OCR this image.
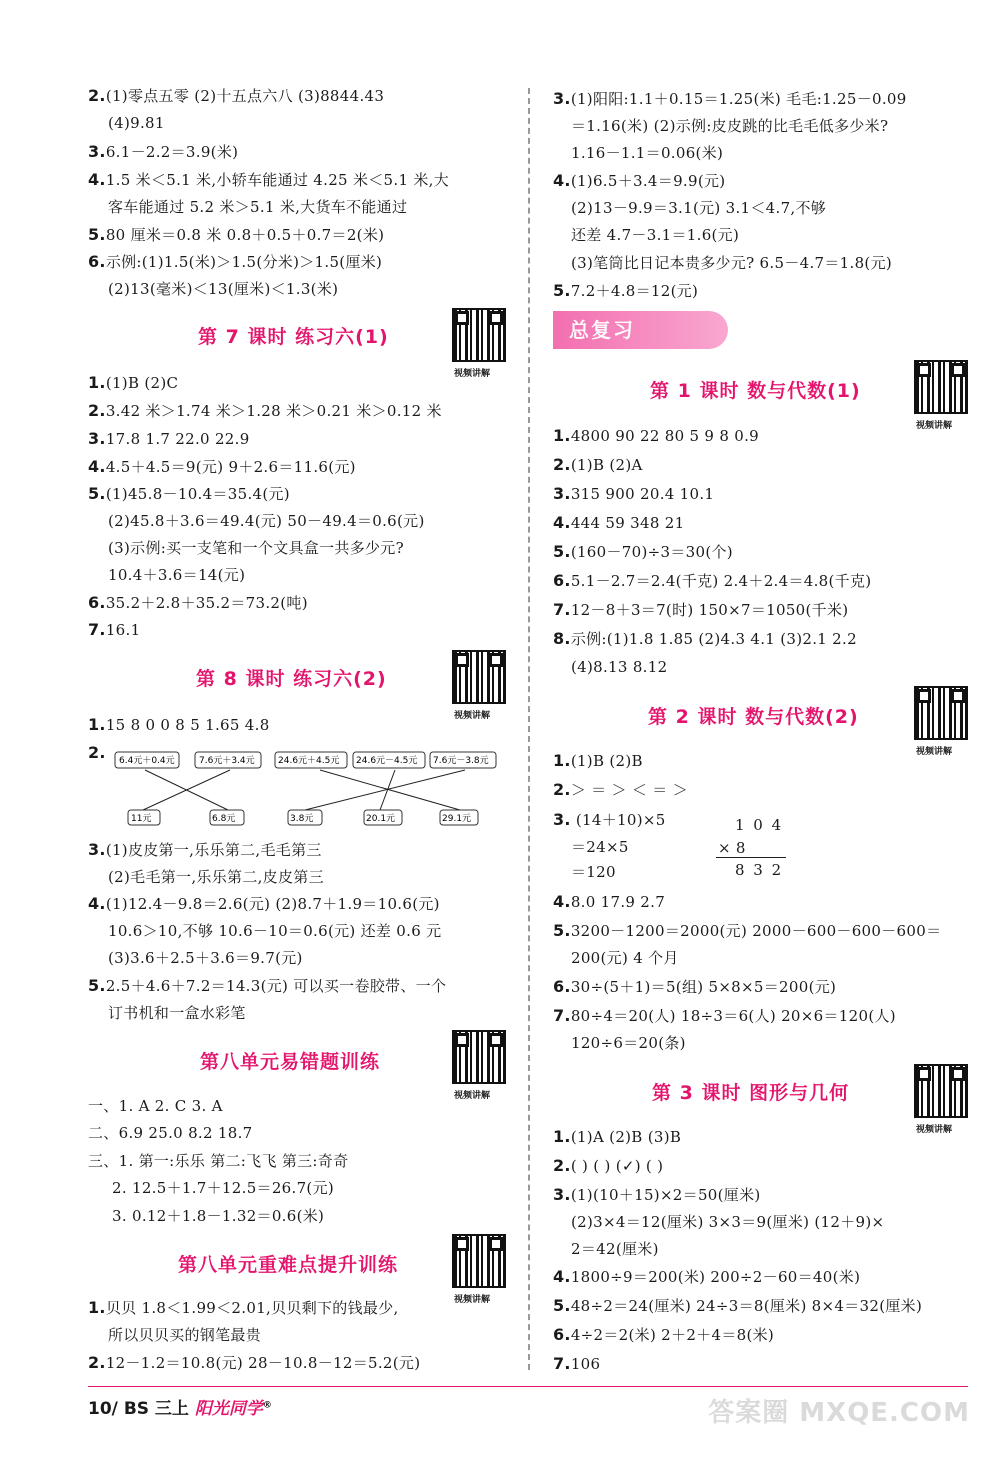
2.(1)零点五零 (2)十五点六八 (3)8844.43
(4)9.81
3.6.1－2.2＝3.9(米)
4.1.5 米＜5.1 米,小轿车能通过 4.25 米＜5.1 米,大
客车能通过 5.2 米＞5.1 米,大货车不能通过
5.80 厘米＝0.8 米 0.8＋0.5＋0.7＝2(米)
6.示例:(1)1.5(米)＞1.5(分米)＞1.5(厘米)
(2)13(毫米)＜13(厘米)＜1.3(米)
第 7 课时 练习六(1)
视频讲解
1.(1)B (2)C
2.3.42 米＞1.74 米＞1.28 米＞0.21 米＞0.12 米
3.17.8 1.7 22.0 22.9
4.4.5＋4.5＝9(元) 9＋2.6＝11.6(元)
5.(1)45.8－10.4＝35.4(元)
(2)45.8＋3.6＝49.4(元) 50－49.4＝0.6(元)
(3)示例:买一支笔和一个文具盒一共多少元?
10.4＋3.6＝14(元)
6.35.2＋2.8＋35.2＝73.2(吨)
7.16.1
第 8 课时 练习六(2)
视频讲解
1.15 8 0 0 8 5 1.65 4.8
2. 6.4元＋0.4元	7.6元＋3.4元	24.6元＋4.5元 24.6元－4.5元 7.6元－3.8元
11元	6.8元	3.8元	20.1元	29.1元
3.(1)皮皮第一,乐乐第二,毛毛第三
(2)毛毛第一,乐乐第二,皮皮第三
4.(1)12.4－9.8＝2.6(元) (2)8.7＋1.9＝10.6(元)
10.6＞10,不够 10.6－10＝0.6(元) 还差 0.6 元
(3)3.6＋2.5＋3.6＝9.7(元)
5.2.5＋4.6＋7.2＝14.3(元) 可以买一卷胶带、一个
订书机和一盒水彩笔
第八单元易错题训练
视频讲解
一、1. A 2. C 3. A
二、6.9 25.0 8.2 18.7
三、1. 第一:乐乐 第二:飞飞 第三:奇奇
2. 12.5＋1.7＋12.5＝26.7(元)
3. 0.12＋1.8－1.32＝0.6(米)
第八单元重难点提升训练
视频讲解
1.贝贝 1.8＜1.99＜2.01,贝贝剩下的钱最少,
所以贝贝买的钢笔最贵
2.12－1.2＝10.8(元) 28－10.8－12＝5.2(元)
3.(1)阳阳:1.1＋0.15＝1.25(米) 毛毛:1.25－0.09
＝1.16(米) (2)示例:皮皮跳的比毛毛低多少米?
1.16－1.1＝0.06(米)
4.(1)6.5＋3.4＝9.9(元)
(2)13－9.9＝3.1(元) 3.1＜4.7,不够
还差 4.7－3.1＝1.6(元)
(3)笔筒比日记本贵多少元? 6.5－4.7＝1.8(元)
5.7.2＋4.8＝12(元)
总复习
第 1 课时 数与代数(1)
视频讲解
1.4800 90 22 80 5 9 8 0.9
2.(1)B (2)A
3.315 900 20.4 10.1
4.444 59 348 21
5.(160－70)÷3＝30(个)
6.5.1－2.7＝2.4(千克) 2.4＋2.4＝4.8(千克)
7.12－8＋3＝7(时) 150×7＝1050(千米)
8.示例:(1)1.8 1.85 (2)4.3 4.1 (3)2.1 2.2
(4)8.13 8.12
第 2 课时 数与代数(2)
视频讲解
1.(1)B (2)B
2.＞ ＝ ＞ ＜ ＝ ＞
3. (14＋10)×5
＝24×5
＝120
1 0 4
× 8
8 3 2
4.8.0 17.9 2.7
5.3200－1200＝2000(元) 2000－600－600－600＝
200(元) 4 个月
6.30÷(5＋1)＝5(组) 5×8×5＝200(元)
7.80÷4＝20(人) 18÷3＝6(人) 20×6＝120(人)
120÷6＝20(条)
第 3 课时 图形与几何
视频讲解
1.(1)A (2)B (3)B
2.( ) ( ) (✓) ( )
3.(1)(10＋15)×2＝50(厘米)
(2)3×4＝12(厘米) 3×3＝9(厘米) (12＋9)×
2＝42(厘米)
4.1800÷9＝200(米) 200÷2－60＝40(米)
5.48÷2＝24(厘米) 24÷3＝8(厘米) 8×4＝32(厘米)
6.4÷2＝2(米) 2＋2＋4＝8(米)
7.106
10/ BS 三上 阳光同学®	答案圈 MXQE.COM
